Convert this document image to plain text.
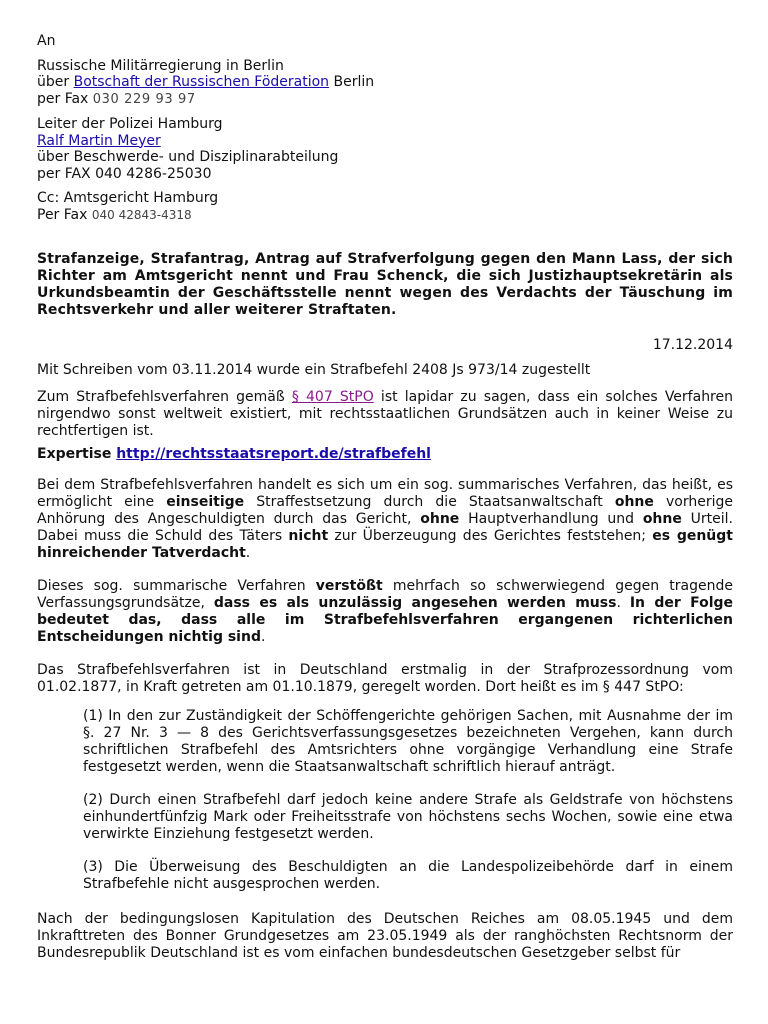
An

Russische Militärregierung in Berlin

über Botschaft der Russischen Föderation Berlin

per Fax 030 229 93 97

Leiter der Polizei Hamburg

Ralf Martin Meyer

über Beschwerde- und Disziplinarabteilung

per FAX 040 4286-25030

Cc: Amtsgericht Hamburg

Per Fax 040 42843-4318

Strafanzeige, Strafantrag, Antrag auf Strafverfolgung gegen den Mann Lass, der sich Richter am Amtsgericht nennt und Frau Schenck, die sich Justizhauptsekretärin als Urkundsbeamtin der Geschäftsstelle nennt wegen des Verdachts der Täuschung im Rechtsverkehr und aller weiterer Straftaten.

17.12.2014

Mit Schreiben vom 03.11.2014 wurde ein Strafbefehl 2408 Js 973/14 zugestellt

Zum Strafbefehlsverfahren gemäß § 407 StPO ist lapidar zu sagen, dass ein solches Verfahren nirgendwo sonst weltweit existiert, mit rechtsstaatlichen Grundsätzen auch in keiner Weise zu rechtfertigen ist.

Expertise http://rechtsstaatsreport.de/strafbefehl

Bei dem Strafbefehlsverfahren handelt es sich um ein sog. summarisches Verfahren, das heißt, es ermöglicht eine einseitige Straffestsetzung durch die Staatsanwaltschaft ohne vorherige Anhörung des Angeschuldigten durch das Gericht, ohne Hauptverhandlung und ohne Urteil. Dabei muss die Schuld des Täters nicht zur Überzeugung des Gerichtes feststehen; es genügt hinreichender Tatverdacht.

Dieses sog. summarische Verfahren verstößt mehrfach so schwerwiegend gegen tragende Verfassungsgrundsätze, dass es als unzulässig angesehen werden muss. In der Folge bedeutet das, dass alle im Strafbefehlsverfahren ergangenen richterlichen Entscheidungen nichtig sind.

Das Strafbefehlsverfahren ist in Deutschland erstmalig in der Strafprozessordnung vom 01.02.1877, in Kraft getreten am 01.10.1879, geregelt worden. Dort heißt es im § 447 StPO:

(1) In den zur Zuständigkeit der Schöffengerichte gehörigen Sachen, mit Ausnahme der im §. 27 Nr. 3 — 8 des Gerichtsverfassungsgesetzes bezeichneten Vergehen, kann durch schriftlichen Strafbefehl des Amtsrichters ohne vorgängige Verhandlung eine Strafe festgesetzt werden, wenn die Staatsanwaltschaft schriftlich hierauf anträgt.

(2) Durch einen Strafbefehl darf jedoch keine andere Strafe als Geldstrafe von höchstens einhundertfünfzig Mark oder Freiheitsstrafe von höchstens sechs Wochen, sowie eine etwa verwirkte Einziehung festgesetzt werden.

(3) Die Überweisung des Beschuldigten an die Landespolizeibehörde darf in einem Strafbefehle nicht ausgesprochen werden.

Nach der bedingungslosen Kapitulation des Deutschen Reiches am 08.05.1945 und dem Inkrafttreten des Bonner Grundgesetzes am 23.05.1949 als der ranghöchsten Rechtsnorm der Bundesrepublik Deutschland ist es vom einfachen bundesdeutschen Gesetzgeber selbst für
